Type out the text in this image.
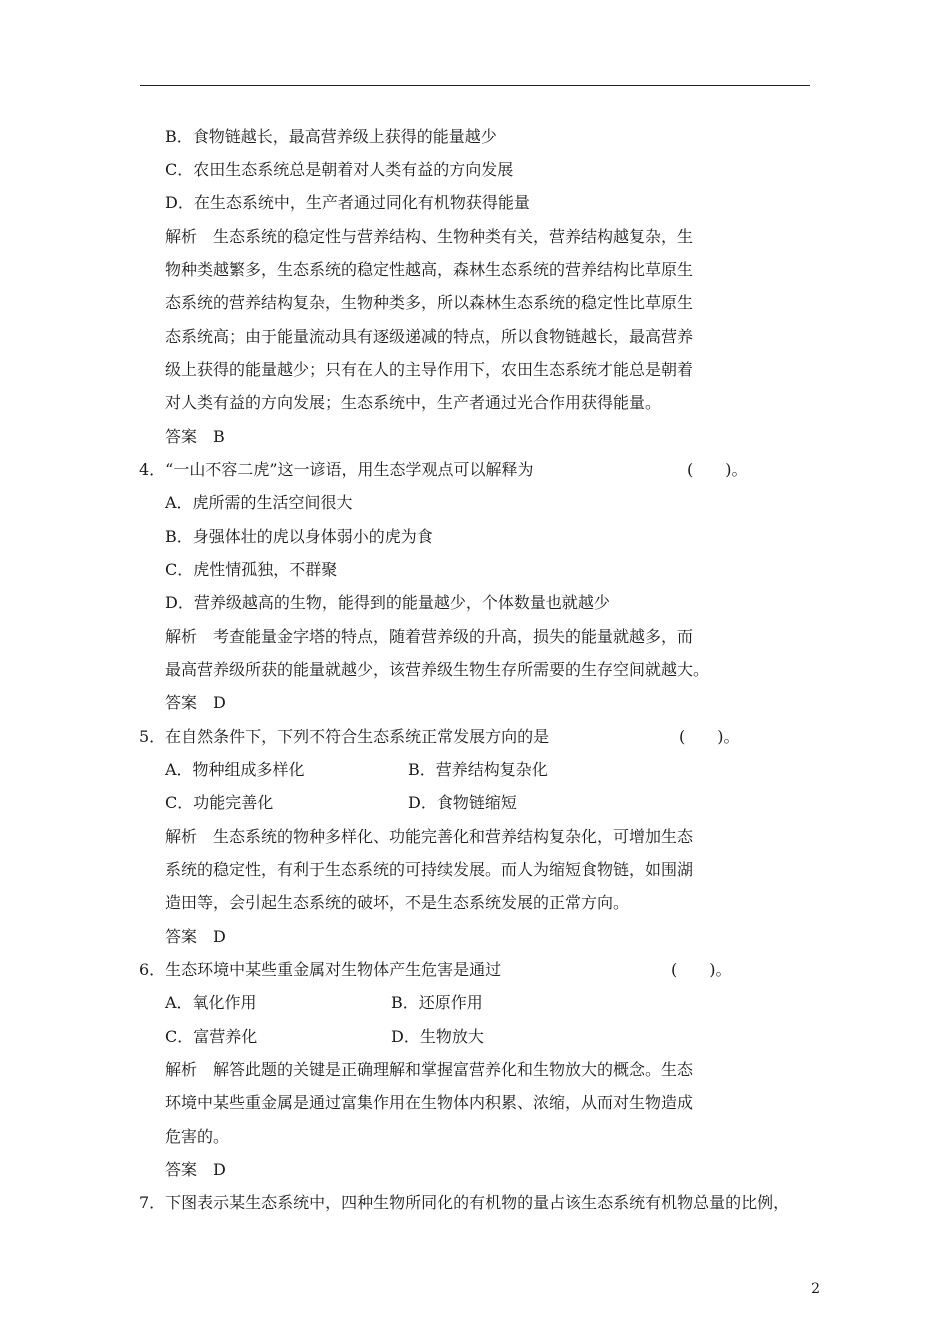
B．食物链越长，最高营养级上获得的能量越少
C．农田生态系统总是朝着对人类有益的方向发展
D．在生态系统中，生产者通过同化有机物获得能量
解析　生态系统的稳定性与营养结构、生物种类有关，营养结构越复杂，生
物种类越繁多，生态系统的稳定性越高，森林生态系统的营养结构比草原生
态系统的营养结构复杂，生物种类多，所以森林生态系统的稳定性比草原生
态系统高；由于能量流动具有逐级递减的特点，所以食物链越长，最高营养
级上获得的能量越少；只有在人的主导作用下，农田生态系统才能总是朝着
对人类有益的方向发展；生态系统中，生产者通过光合作用获得能量。
答案　B
4．“一山不容二虎”这一谚语，用生态学观点可以解释为	(　　)。
A．虎所需的生活空间很大
B．身强体壮的虎以身体弱小的虎为食
C．虎性情孤独，不群聚
D．营养级越高的生物，能得到的能量越少，个体数量也就越少
解析　考查能量金字塔的特点，随着营养级的升高，损失的能量就越多，而
最高营养级所获的能量就越少，该营养级生物生存所需要的生存空间就越大。
答案　D
5．在自然条件下，下列不符合生态系统正常发展方向的是	(　　)。
A．物种组成多样化	B．营养结构复杂化
C．功能完善化	D．食物链缩短
解析　生态系统的物种多样化、功能完善化和营养结构复杂化，可增加生态
系统的稳定性，有利于生态系统的可持续发展。而人为缩短食物链，如围湖
造田等，会引起生态系统的破坏，不是生态系统发展的正常方向。
答案　D
6．生态环境中某些重金属对生物体产生危害是通过	(　　)。
A．氧化作用	B．还原作用
C．富营养化	D．生物放大
解析　解答此题的关键是正确理解和掌握富营养化和生物放大的概念。生态
环境中某些重金属是通过富集作用在生物体内积累、浓缩，从而对生物造成
危害的。
答案　D
7．下图表示某生态系统中，四种生物所同化的有机物的量占该生态系统有机物总量的比例，
2
